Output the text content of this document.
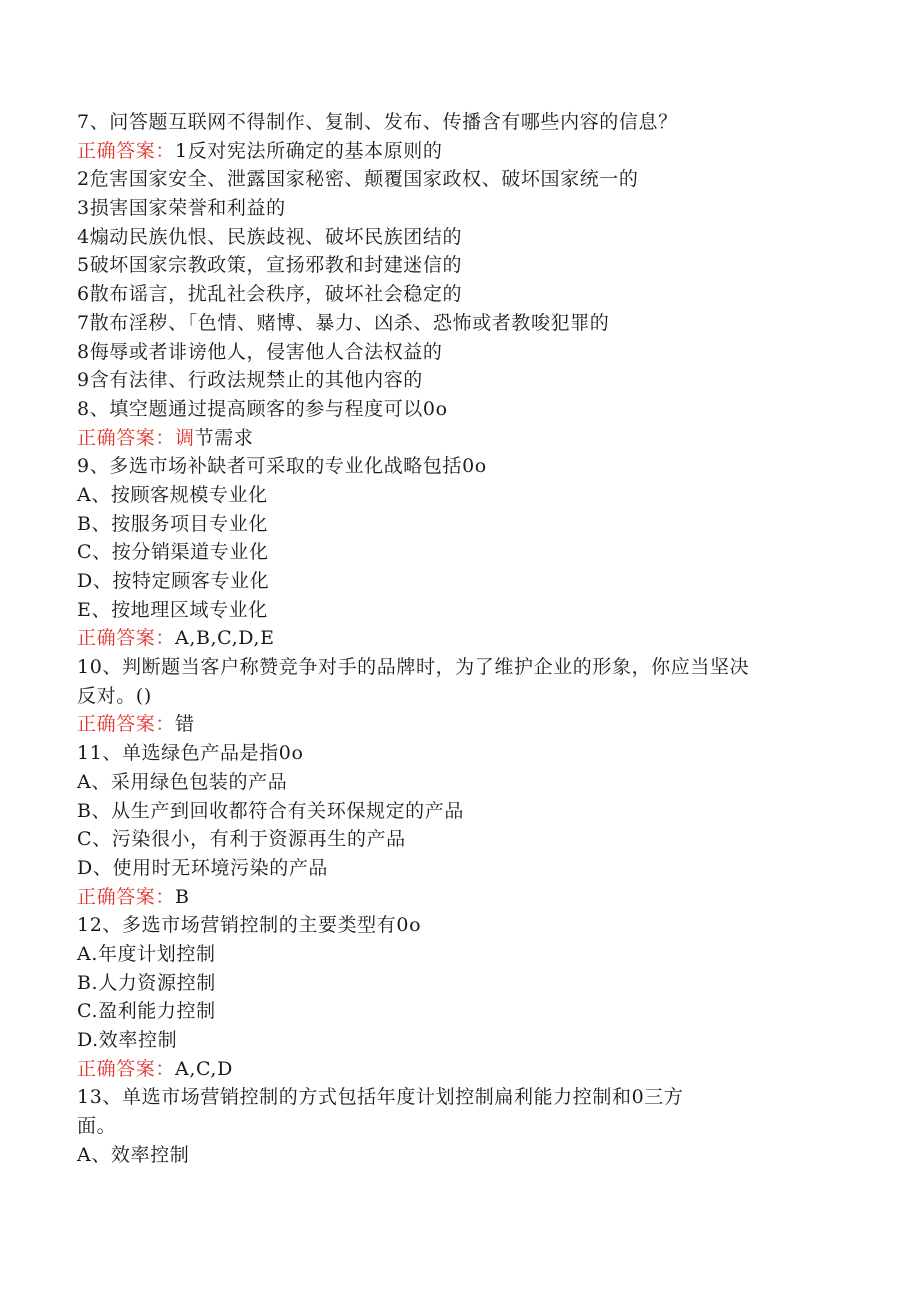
7、问答题互联网不得制作、复制、发布、传播含有哪些内容的信息？
正确答案：1反对宪法所确定的基本原则的
2危害国家安全、泄露国家秘密、颠覆国家政权、破坏国家统一的
3损害国家荣誉和利益的
4煽动民族仇恨、民族歧视、破坏民族团结的
5破坏国家宗教政策，宣扬邪教和封建迷信的
6散布谣言，扰乱社会秩序，破坏社会稳定的
7散布淫秽、「色情、赌博、暴力、凶杀、恐怖或者教唆犯罪的
8侮辱或者诽谤他人，侵害他人合法权益的
9含有法律、行政法规禁止的其他内容的
8、填空题通过提高顾客的参与程度可以0o
正确答案：调节需求
9、多选市场补缺者可采取的专业化战略包括0o
A、按顾客规模专业化
B、按服务项目专业化
C、按分销渠道专业化
D、按特定顾客专业化
E、按地理区域专业化
正确答案：A,B,C,D,E
10、判断题当客户称赞竞争对手的品牌时，为了维护企业的形象，你应当坚决
反对。()
正确答案：错
11、单选绿色产品是指0o
A、采用绿色包装的产品
B、从生产到回收都符合有关环保规定的产品
C、污染很小，有利于资源再生的产品
D、使用时无环境污染的产品
正确答案：B
12、多选市场营销控制的主要类型有0o
A.年度计划控制
B.人力资源控制
C.盈利能力控制
D.效率控制
正确答案：A,C,D
13、单选市场营销控制的方式包括年度计划控制扁利能力控制和0三方
面。
A、效率控制
